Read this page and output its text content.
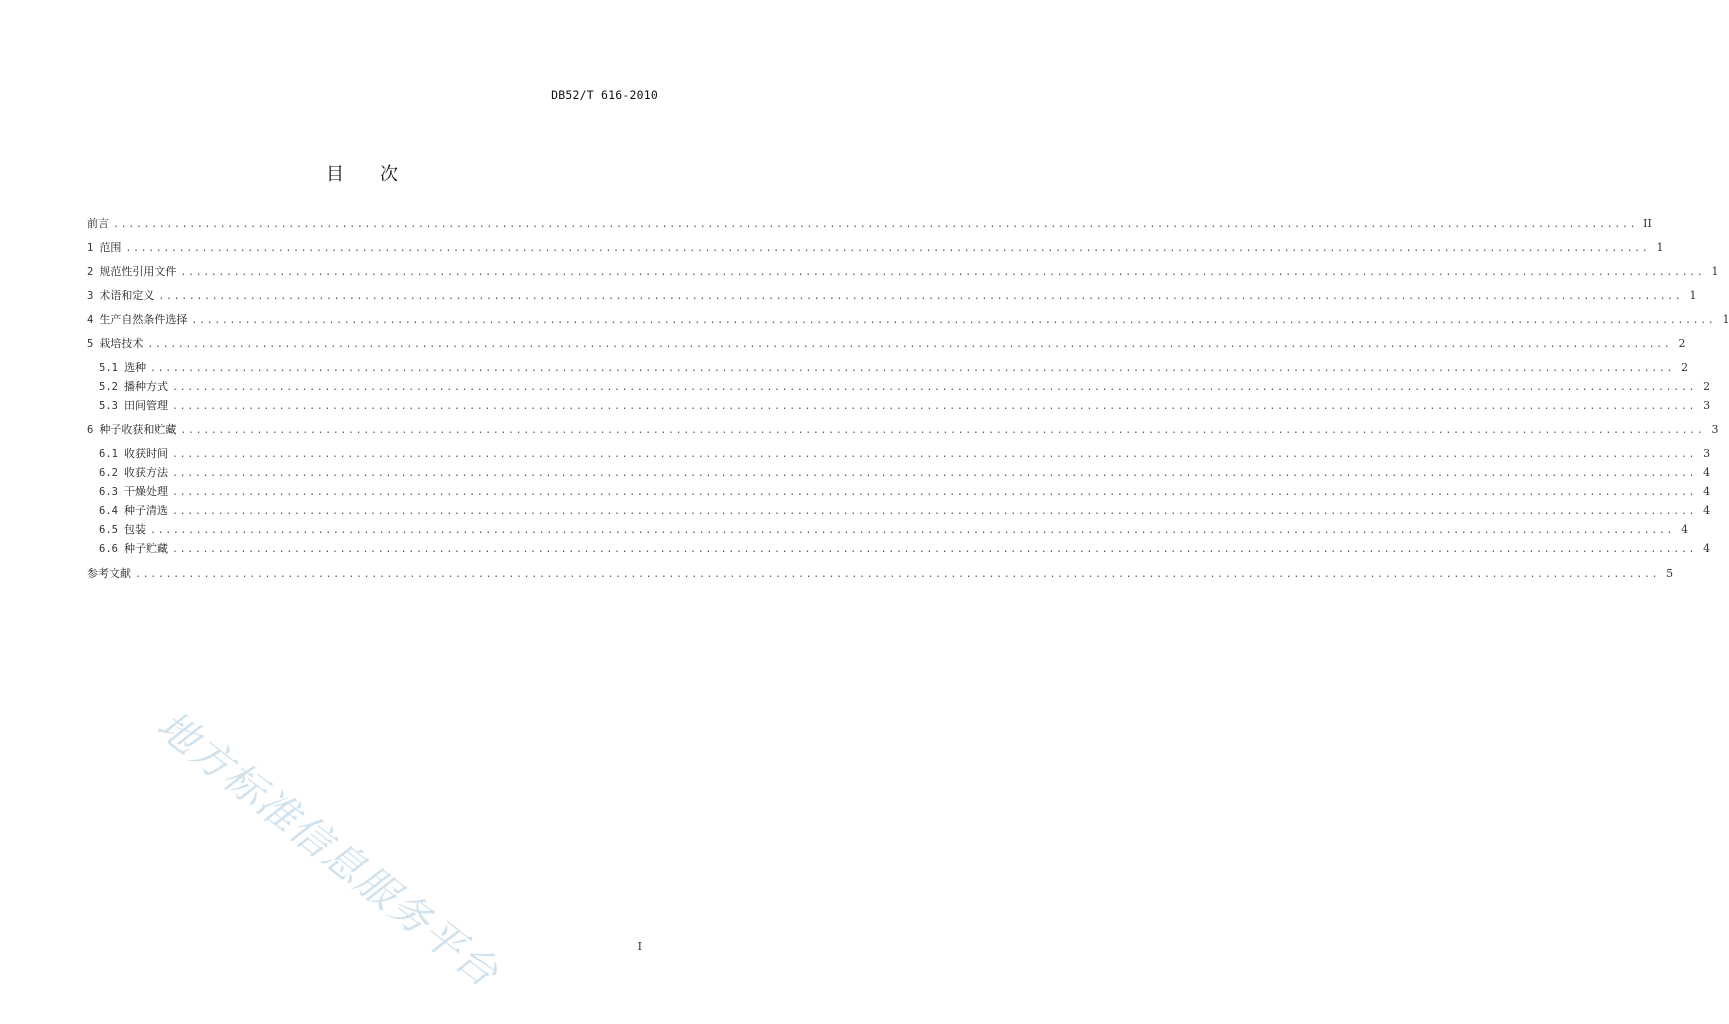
DB52/T 616-2010
目 次
前言 ........................................................................................................................................................................................................ II
1 范围 ........................................................................................................................................................................................................ 1
2 规范性引用文件 ........................................................................................................................................................................................................ 1
3 术语和定义 ........................................................................................................................................................................................................ 1
4 生产自然条件选择 ........................................................................................................................................................................................................ 1
5 栽培技术 ........................................................................................................................................................................................................ 2
5.1 选种 ........................................................................................................................................................................................................ 2
5.2 播种方式 ........................................................................................................................................................................................................ 2
5.3 田间管理 ........................................................................................................................................................................................................ 3
6 种子收获和贮藏 ........................................................................................................................................................................................................ 3
6.1 收获时间 ........................................................................................................................................................................................................ 3
6.2 收获方法 ........................................................................................................................................................................................................ 4
6.3 干燥处理 ........................................................................................................................................................................................................ 4
6.4 种子清选 ........................................................................................................................................................................................................ 4
6.5 包装 ........................................................................................................................................................................................................ 4
6.6 种子贮藏 ........................................................................................................................................................................................................ 4
参考文献 ........................................................................................................................................................................................................ 5
地方标准信息服务平台	I
